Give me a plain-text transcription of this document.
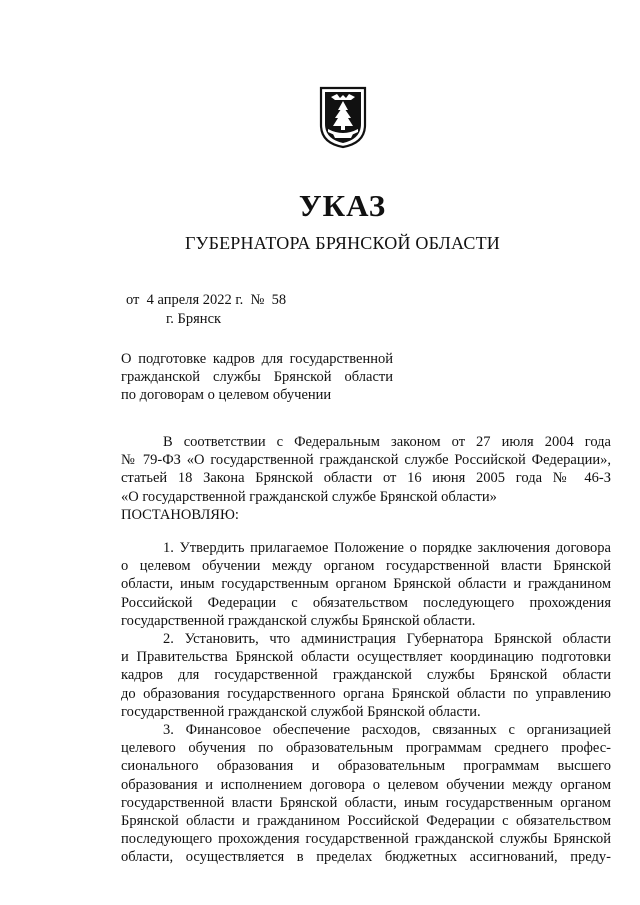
УКАЗ
ГУБЕРНАТОРА БРЯНСКОЙ ОБЛАСТИ
от  4 апреля 2022 г.  №  58
г. Брянск
О подготовке кадров для государственной
гражданской службы Брянской области
по договорам о целевом обучении
В соответствии с Федеральным законом от 27 июля 2004 года
№ 79-ФЗ «О государственной гражданской службе Российской Федерации»,
статьей 18 Закона Брянской области от 16 июня 2005 года № 46-З
«О государственной гражданской службе Брянской области»
ПОСТАНОВЛЯЮ:
1. Утвердить прилагаемое Положение о порядке заключения договора
о целевом обучении между органом государственной власти Брянской
области, иным государственным органом Брянской области и гражданином
Российской Федерации с обязательством последующего прохождения
государственной гражданской службы Брянской области.
2. Установить, что администрация Губернатора Брянской области
и Правительства Брянской области осуществляет координацию подготовки
кадров для государственной гражданской службы Брянской области
до образования государственного органа Брянской области по управлению
государственной гражданской службой Брянской области.
3. Финансовое обеспечение расходов, связанных с организацией
целевого обучения по образовательным программам среднего профес-
сионального образования и образовательным программам высшего
образования и исполнением договора о целевом обучении между органом
государственной власти Брянской области, иным государственным органом
Брянской области и гражданином Российской Федерации с обязательством
последующего прохождения государственной гражданской службы Брянской
области, осуществляется в пределах бюджетных ассигнований, преду-
